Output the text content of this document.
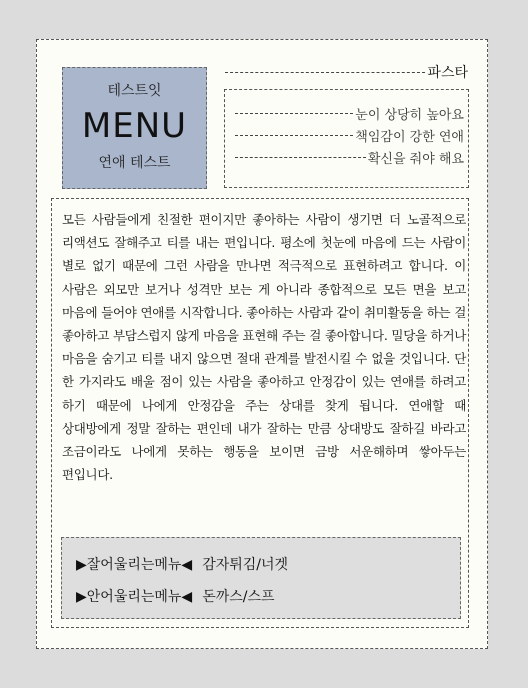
테스트잇
MENU
연애 테스트
파스타
눈이 상당히 높아요
책임감이 강한 연애
확신을 줘야 해요

모든 사람들에게 친절한 편이지만 좋아하는 사람이 생기면 더 노골적으로 리액션도 잘해주고 티를 내는 편입니다. 평소에 첫눈에 마음에 드는 사람이 별로 없기 때문에 그런 사람을 만나면 적극적으로 표현하려고 합니다. 이 사람은 외모만 보거나 성격만 보는 게 아니라 종합적으로 모든 면을 보고 마음에 들어야 연애를 시작합니다. 좋아하는 사람과 같이 취미활동을 하는 걸 좋아하고 부담스럽지 않게 마음을 표현해 주는 걸 좋아합니다. 밀당을 하거나 마음을 숨기고 티를 내지 않으면 절대 관계를 발전시킬 수 없을 것입니다. 단 한 가지라도 배울 점이 있는 사람을 좋아하고 안정감이 있는 연애를 하려고 하기 때문에 나에게 안정감을 주는 상대를 찾게 됩니다. 연애할 때 상대방에게 정말 잘하는 편인데 내가 잘하는 만큼 상대방도 잘하길 바라고 조금이라도 나에게 못하는 행동을 보이면 금방 서운해하며 쌓아두는 편입니다.

▶잘어울리는메뉴◀ 감자튀김/너겟
▶안어울리는메뉴◀ 돈까스/스프
